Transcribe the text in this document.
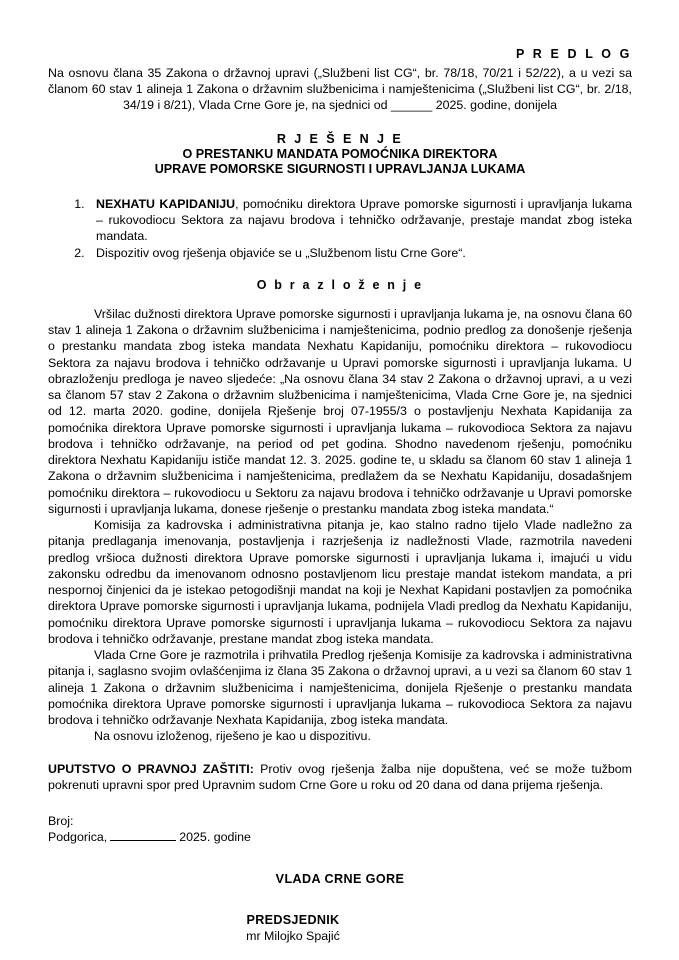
P R E D L O G
Na osnovu člana 35 Zakona o državnoj upravi („Službeni list CG“, br. 78/18, 70/21 i 52/22), a u vezi sa članom 60 stav 1 alineja 1 Zakona o državnim službenicima i namještenicima („Službeni list CG“, br. 2/18, 34/19 i 8/21), Vlada Crne Gore je, na sjednici od ______ 2025. godine, donijela
R J E Š E N J E
O PRESTANKU MANDATA POMOĆNIKA DIREKTORA
UPRAVE POMORSKE SIGURNOSTI I UPRAVLJANJA LUKAMA
1. NEXHATU KAPIDANIJU, pomoćniku direktora Uprave pomorske sigurnosti i upravljanja lukama – rukovodiocu Sektora za najavu brodova i tehničko održavanje, prestaje mandat zbog isteka mandata.
2. Dispozitiv ovog rješenja objaviće se u „Službenom listu Crne Gore“.
O b r a z l o ž e n j e

Vršilac dužnosti direktora Uprave pomorske sigurnosti i upravljanja lukama je, na osnovu člana 60 stav 1 alineja 1 Zakona o državnim službenicima i namještenicima, podnio predlog za donošenje rješenja o prestanku mandata zbog isteka mandata Nexhatu Kapidaniju, pomoćniku direktora – rukovodiocu Sektora za najavu brodova i tehničko održavanje u Upravi pomorske sigurnosti i upravljanja lukama. U obrazloženju predloga je naveo sljedeće: „Na osnovu člana 34 stav 2 Zakona o državnoj upravi, a u vezi sa članom 57 stav 2 Zakona o državnim službenicima i namještenicima, Vlada Crne Gore je, na sjednici od 12. marta 2020. godine, donijela Rješenje broj 07-1955/3 o postavljenju Nexhata Kapidanija za pomoćnika direktora Uprave pomorske sigurnosti i upravljanja lukama – rukovodioca Sektora za najavu brodova i tehničko održavanje, na period od pet godina. Shodno navedenom rješenju, pomoćniku direktora Nexhatu Kapidaniju ističe mandat 12. 3. 2025. godine te, u skladu sa članom 60 stav 1 alineja 1 Zakona o državnim službenicima i namještenicima, predlažem da se Nexhatu Kapidaniju, dosadašnjem pomoćniku direktora – rukovodiocu u Sektoru za najavu brodova i tehničko održavanje u Upravi pomorske sigurnosti i upravljanja lukama, donese rješenje o prestanku mandata zbog isteka mandata.“

Komisija za kadrovska i administrativna pitanja je, kao stalno radno tijelo Vlade nadležno za pitanja predlaganja imenovanja, postavljenja i razrješenja iz nadležnosti Vlade, razmotrila navedeni predlog vršioca dužnosti direktora Uprave pomorske sigurnosti i upravljanja lukama i, imajući u vidu zakonsku odredbu da imenovanom odnosno postavljenom licu prestaje mandat istekom mandata, a pri nespornoj činjenici da je istekao petogodišnji mandat na koji je Nexhat Kapidani postavljen za pomoćnika direktora Uprave pomorske sigurnosti i upravljanja lukama, podnijela Vladi predlog da Nexhatu Kapidaniju, pomoćniku direktora Uprave pomorske sigurnosti i upravljanja lukama – rukovodiocu Sektora za najavu brodova i tehničko održavanje, prestane mandat zbog isteka mandata.

Vlada Crne Gore je razmotrila i prihvatila Predlog rješenja Komisije za kadrovska i administrativna pitanja i, saglasno svojim ovlašćenjima iz člana 35 Zakona o državnoj upravi, a u vezi sa članom 60 stav 1 alineja 1 Zakona o državnim službenicima i namještenicima, donijela Rješenje o prestanku mandata pomoćnika direktora Uprave pomorske sigurnosti i upravljanja lukama – rukovodioca Sektora za najavu brodova i tehničko održavanje Nexhata Kapidanija, zbog isteka mandata.

Na osnovu izloženog, riješeno je kao u dispozitivu.

UPUTSTVO O PRAVNOJ ZAŠTITI: Protiv ovog rješenja žalba nije dopuštena, već se može tužbom pokrenuti upravni spor pred Upravnim sudom Crne Gore u roku od 20 dana od dana prijema rješenja.
Broj:
Podgorica,	2025. godine
VLADA CRNE GORE
PREDSJEDNIK
mr Milojko Spajić
